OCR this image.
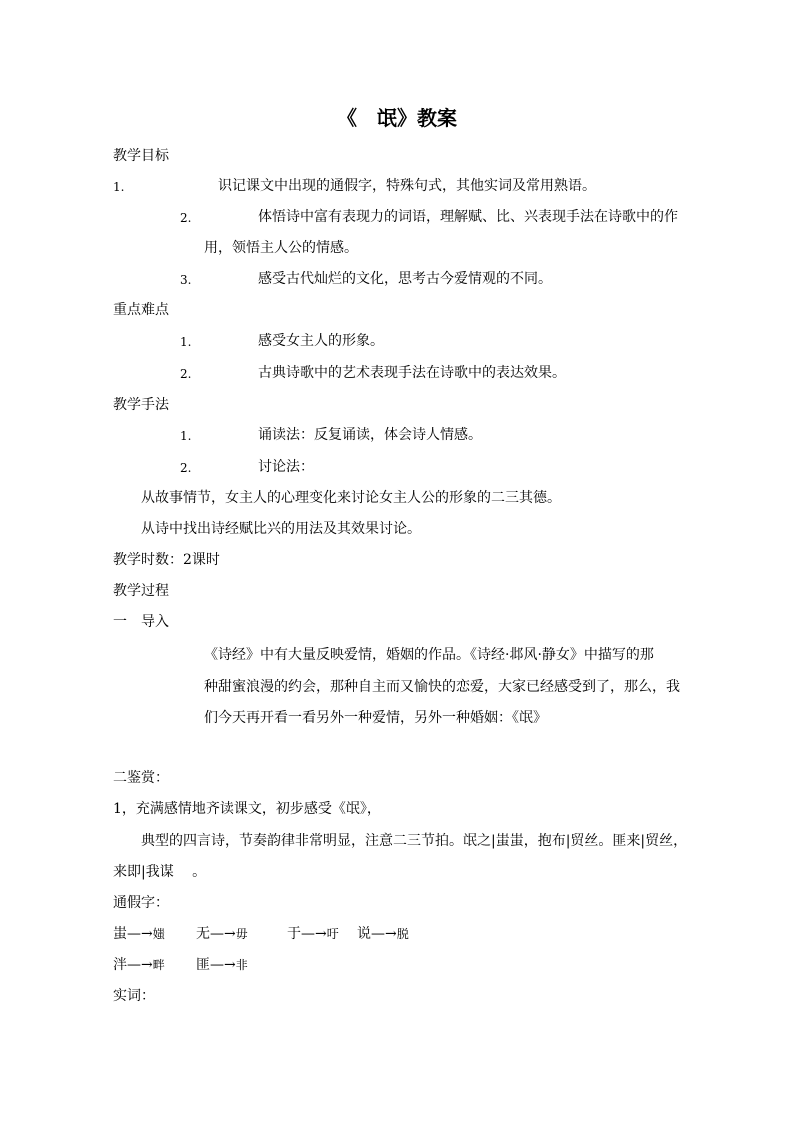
《　氓》教案
教学目标
1.	识记课文中出现的通假字，特殊句式，其他实词及常用熟语。
2.	体悟诗中富有表现力的词语，理解赋、比、兴表现手法在诗歌中的作
用，领悟主人公的情感。
3.	感受古代灿烂的文化，思考古今爱情观的不同。
重点难点
1.	感受女主人的形象。
2.	古典诗歌中的艺术表现手法在诗歌中的表达效果。
教学手法
1.	诵读法：反复诵读，体会诗人情感。
2.	讨论法：
从故事情节，女主人的心理变化来讨论女主人公的形象的二三其德。
从诗中找出诗经赋比兴的用法及其效果讨论。
教学时数：2课时
教学过程
一　导入
《诗经》中有大量反映爱情，婚姻的作品。《诗经·邶风·静女》中描写的那
种甜蜜浪漫的约会，那种自主而又愉快的恋爱，大家已经感受到了，那么，我
们今天再开看一看另外一种爱情，另外一种婚姻：《氓》
二鉴赏：
1，充满感情地齐读课文，初步感受《氓》，
典型的四言诗，节奏韵律非常明显，注意二三节拍。氓之|蚩蚩，抱布|贸丝。匪来|贸丝，
来即|我谋　 。
通假字：
蚩—→媸 无—→毋	于—→吁 说—→脱
泮—→畔 匪—→非
实词：
